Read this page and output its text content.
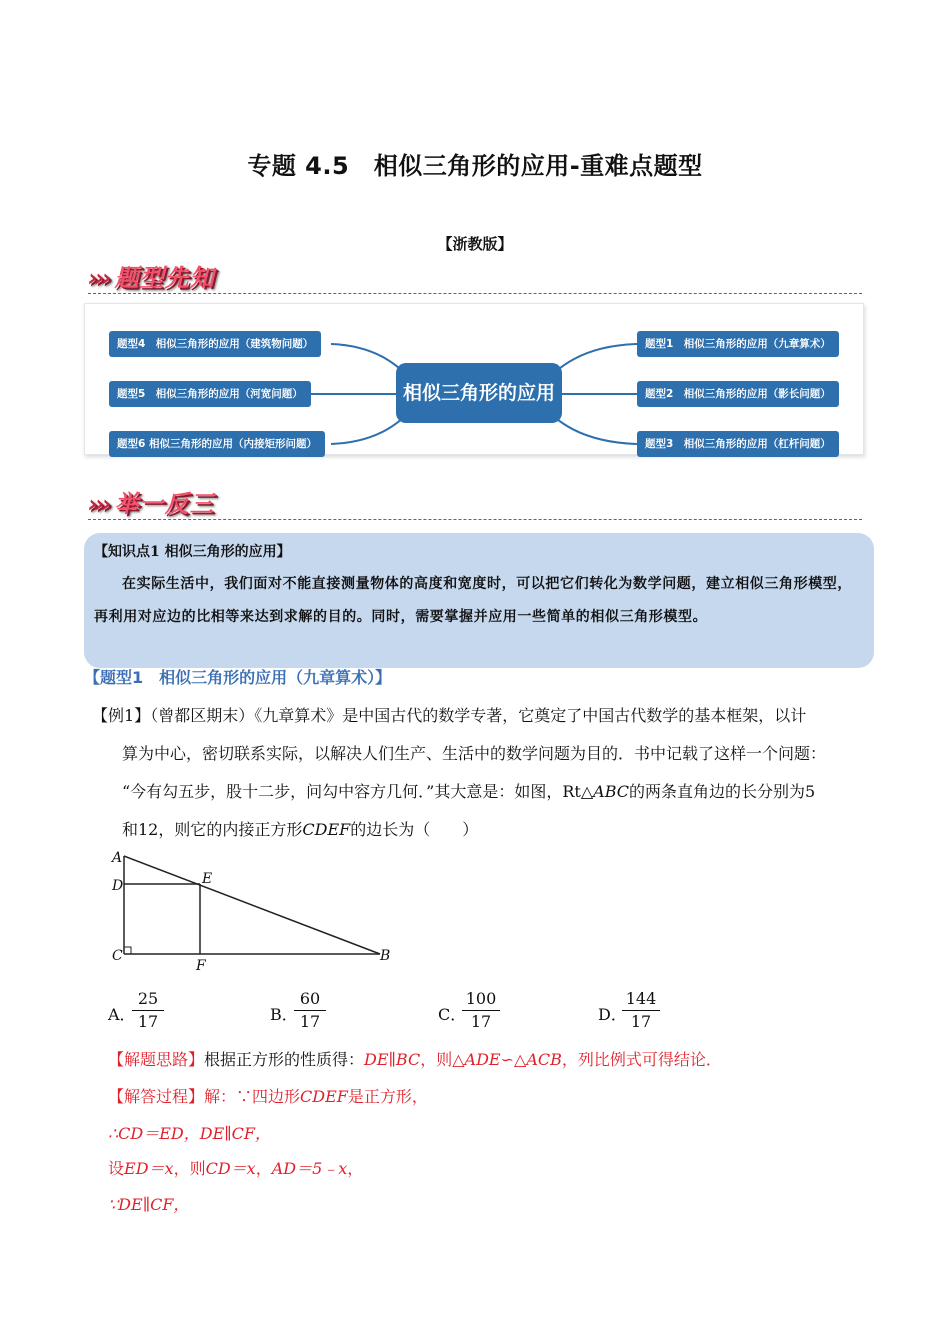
专题 4.5　相似三角形的应用-重难点题型
【浙教版】
››› 题型先知
题型4　相似三角形的应用（建筑物问题）
题型5　相似三角形的应用（河宽问题）
题型6 相似三角形的应用（内接矩形问题）
相似三角形的应用
题型1　相似三角形的应用（九章算术）
题型2　相似三角形的应用（影长问题）
题型3　相似三角形的应用（杠杆问题）
››› 举一反三
【知识点1 相似三角形的应用】
在实际生活中，我们面对不能直接测量物体的高度和宽度时，可以把它们转化为数学问题，建立相似三角形模型，再利用对应边的比相等来达到求解的目的。同时，需要掌握并应用一些简单的相似三角形模型。
【题型1　相似三角形的应用（九章算术）】
【例1】（曾都区期末）《九章算术》是中国古代的数学专著，它奠定了中国古代数学的基本框架，以计
算为中心，密切联系实际，以解决人们生产、生活中的数学问题为目的．书中记载了这样一个问题：
“今有勾五步，股十二步，问勾中容方几何．”其大意是：如图，Rt△ABC的两条直角边的长分别为5
和12，则它的内接正方形CDEF的边长为（　　）
A
D	E
C
F
B
A．
$\frac{25}{17}$	B．
$\frac{60}{17}$	C．
$\frac{100}{17}$	D．
$\frac{144}{17}$
【解题思路】根据正方形的性质得：DE∥BC，则△ADE∽△ACB，列比例式可得结论．
【解答过程】解：∵四边形CDEF是正方形，
∴CD＝ED，DE∥CF，
设ED＝x，则CD＝x，AD＝5﹣x，
∵DE∥CF，
